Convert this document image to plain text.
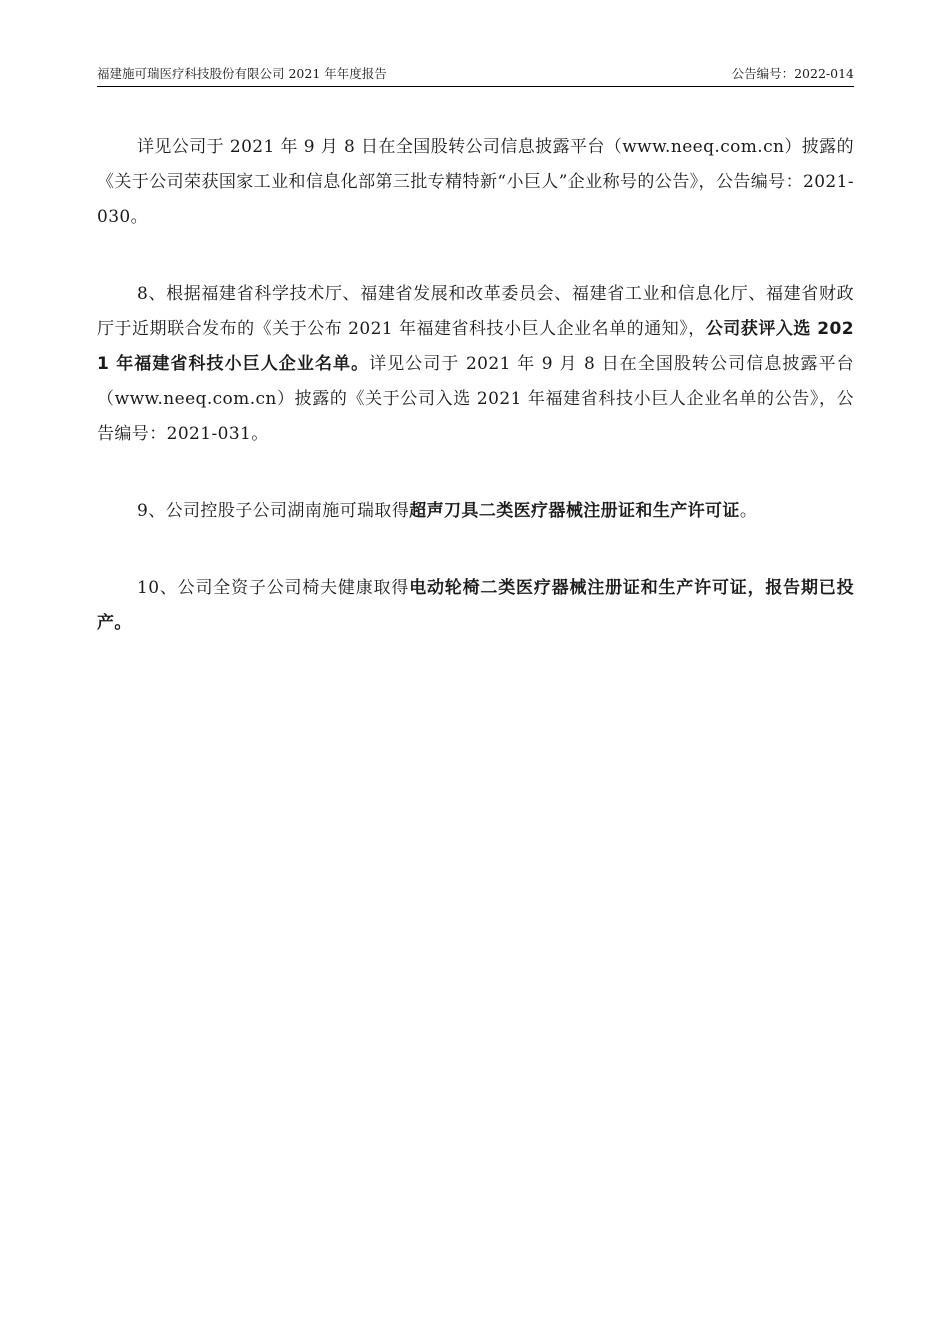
福建施可瑞医疗科技股份有限公司 2021 年年度报告	公告编号：2022-014

详见公司于 2021 年 9 月 8 日在全国股转公司信息披露平台（www.neeq.com.cn）披露的《关于公司荣获国家工业和信息化部第三批专精特新“小巨人”企业称号的公告》，公告编号：2021-030。

8、根据福建省科学技术厅、福建省发展和改革委员会、福建省工业和信息化厅、福建省财政厅于近期联合发布的《关于公布 2021 年福建省科技小巨人企业名单的通知》，公司获评入选 2021 年福建省科技小巨人企业名单。详见公司于 2021 年 9 月 8 日在全国股转公司信息披露平台（www.neeq.com.cn）披露的《关于公司入选 2021 年福建省科技小巨人企业名单的公告》，公告编号：2021-031。

9、公司控股子公司湖南施可瑞取得超声刀具二类医疗器械注册证和生产许可证。

10、公司全资子公司椅夫健康取得电动轮椅二类医疗器械注册证和生产许可证，报告期已投产。
